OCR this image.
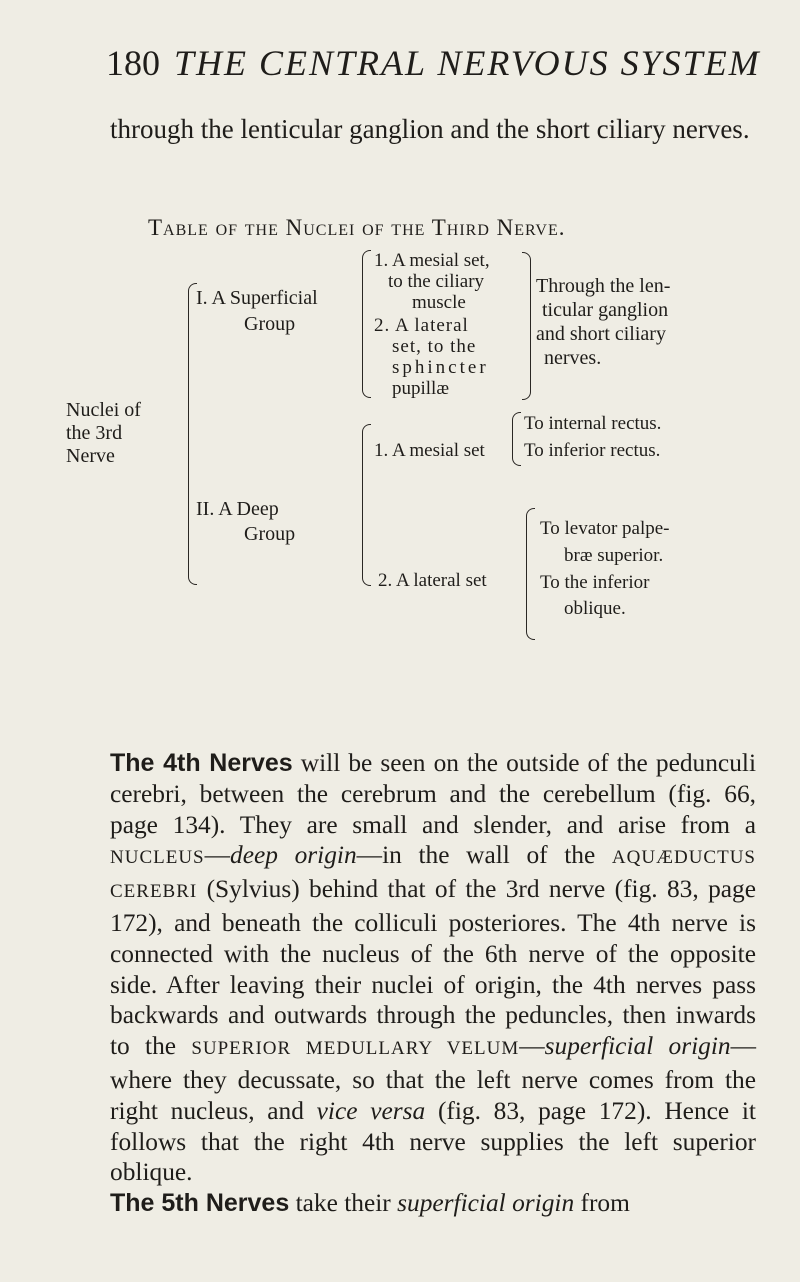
180 THE CENTRAL NERVOUS SYSTEM
through the lenticular ganglion and the short ciliary nerves.
Table of the Nuclei of the Third Nerve.
Nuclei of
the 3rd
Nerve
I. A Superficial
Group
1. A mesial set,
to the ciliary
muscle
2. A lateral
set, to the
sphincter
pupillæ
Through the len-
ticular ganglion
and short ciliary
nerves.
II. A Deep
Group
1. A mesial set
To internal rectus.
To inferior rectus.
2. A lateral set
To levator palpe-
bræ superior.
To the inferior
oblique.
The 4th Nerves will be seen on the outside of the pedunculi cerebri, between the cerebrum and the cerebellum (fig. 66, page 134). They are small and slender, and arise from a NUCLEUS—deep origin—in the wall of the AQUÆDUCTUS CEREBRI (Sylvius) behind that of the 3rd nerve (fig. 83, page 172), and beneath the colliculi posteriores. The 4th nerve is connected with the nucleus of the 6th nerve of the opposite side. After leaving their nuclei of origin, the 4th nerves pass backwards and outwards through the peduncles, then inwards to the SUPERIOR MEDULLARY VELUM—superficial origin—where they decussate, so that the left nerve comes from the right nucleus, and vice versa (fig. 83, page 172). Hence it follows that the right 4th nerve supplies the left superior oblique.
The 5th Nerves take their superficial origin from
